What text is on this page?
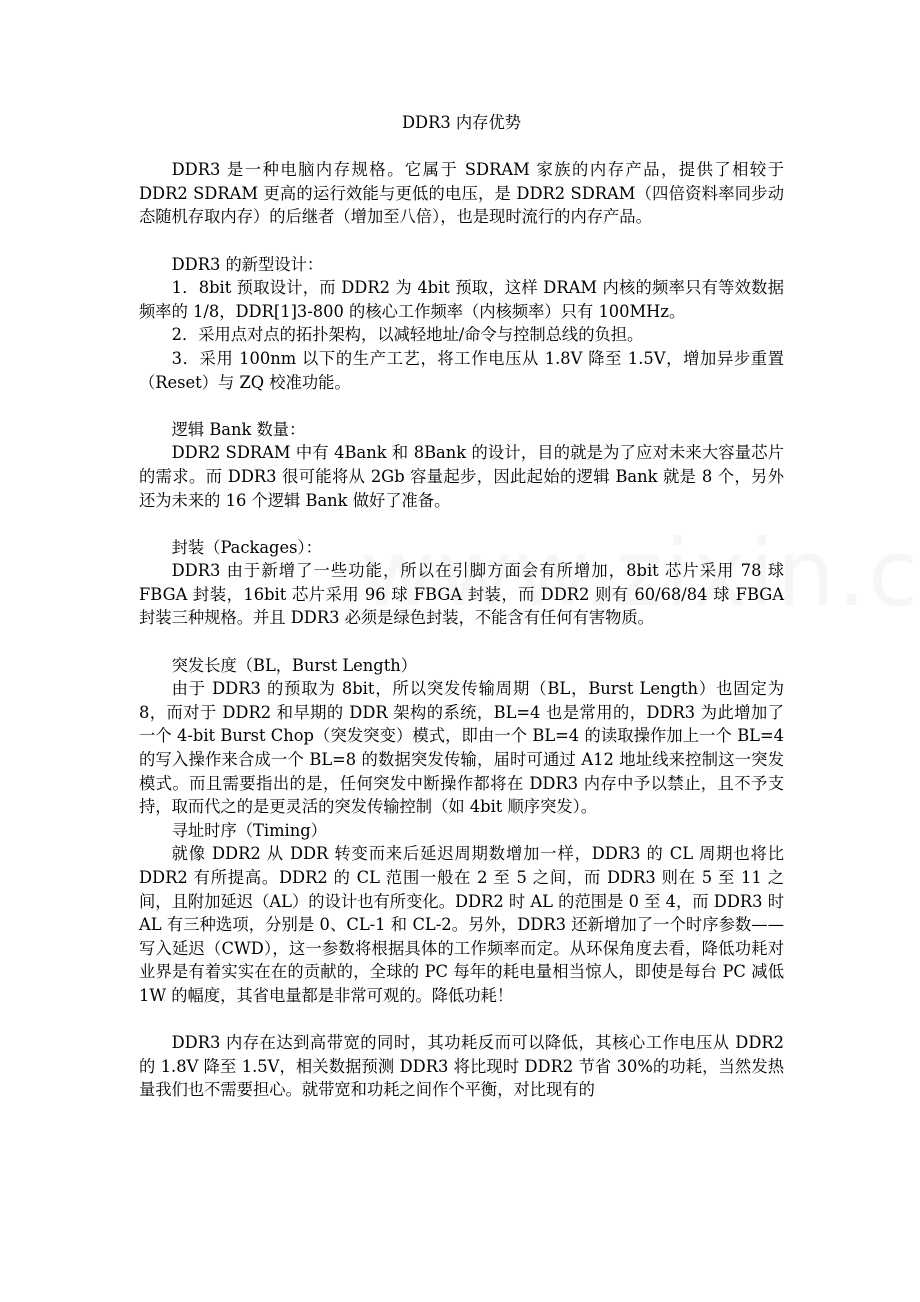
DDR3 内存优势

DDR3 是一种电脑内存规格。它属于 SDRAM 家族的内存产品，提供了相较于 DDR2 SDRAM 更高的运行效能与更低的电压，是 DDR2 SDRAM（四倍资料率同步动态随机存取内存）的后继者（增加至八倍），也是现时流行的内存产品。

DDR3 的新型设计：

1．8bit 预取设计，而 DDR2 为 4bit 预取，这样 DRAM 内核的频率只有等效数据频率的 1/8，DDR[1]3-800 的核心工作频率（内核频率）只有 100MHz。

2．采用点对点的拓扑架构，以减轻地址/命令与控制总线的负担。

3．采用 100nm 以下的生产工艺，将工作电压从 1.8V 降至 1.5V，增加异步重置（Reset）与 ZQ 校准功能。

逻辑 Bank 数量：

DDR2 SDRAM 中有 4Bank 和 8Bank 的设计，目的就是为了应对未来大容量芯片的需求。而 DDR3 很可能将从 2Gb 容量起步，因此起始的逻辑 Bank 就是 8 个，另外还为未来的 16 个逻辑 Bank 做好了准备。

封装（Packages）：

DDR3 由于新增了一些功能，所以在引脚方面会有所增加，8bit 芯片采用 78 球 FBGA 封装，16bit 芯片采用 96 球 FBGA 封装，而 DDR2 则有 60/68/84 球 FBGA 封装三种规格。并且 DDR3 必须是绿色封装，不能含有任何有害物质。

突发长度（BL，Burst Length）

由于 DDR3 的预取为 8bit，所以突发传输周期（BL，Burst Length）也固定为 8，而对于 DDR2 和早期的 DDR 架构的系统，BL=4 也是常用的，DDR3 为此增加了一个 4-bit Burst Chop（突发突变）模式，即由一个 BL=4 的读取操作加上一个 BL=4 的写入操作来合成一个 BL=8 的数据突发传输，届时可通过 A12 地址线来控制这一突发模式。而且需要指出的是，任何突发中断操作都将在 DDR3 内存中予以禁止，且不予支持，取而代之的是更灵活的突发传输控制（如 4bit 顺序突发）。

寻址时序（Timing）

就像 DDR2 从 DDR 转变而来后延迟周期数增加一样，DDR3 的 CL 周期也将比 DDR2 有所提高。DDR2 的 CL 范围一般在 2 至 5 之间，而 DDR3 则在 5 至 11 之间，且附加延迟（AL）的设计也有所变化。DDR2 时 AL 的范围是 0 至 4，而 DDR3 时 AL 有三种选项，分别是 0、CL-1 和 CL-2。另外，DDR3 还新增加了一个时序参数——写入延迟（CWD），这一参数将根据具体的工作频率而定。从环保角度去看，降低功耗对业界是有着实实在在的贡献的，全球的 PC 每年的耗电量相当惊人，即使是每台 PC 减低 1W 的幅度，其省电量都是非常可观的。降低功耗！

DDR3 内存在达到高带宽的同时，其功耗反而可以降低，其核心工作电压从 DDR2 的 1.8V 降至 1.5V，相关数据预测 DDR3 将比现时 DDR2 节省 30%的功耗，当然发热量我们也不需要担心。就带宽和功耗之间作个平衡，对比现有的
